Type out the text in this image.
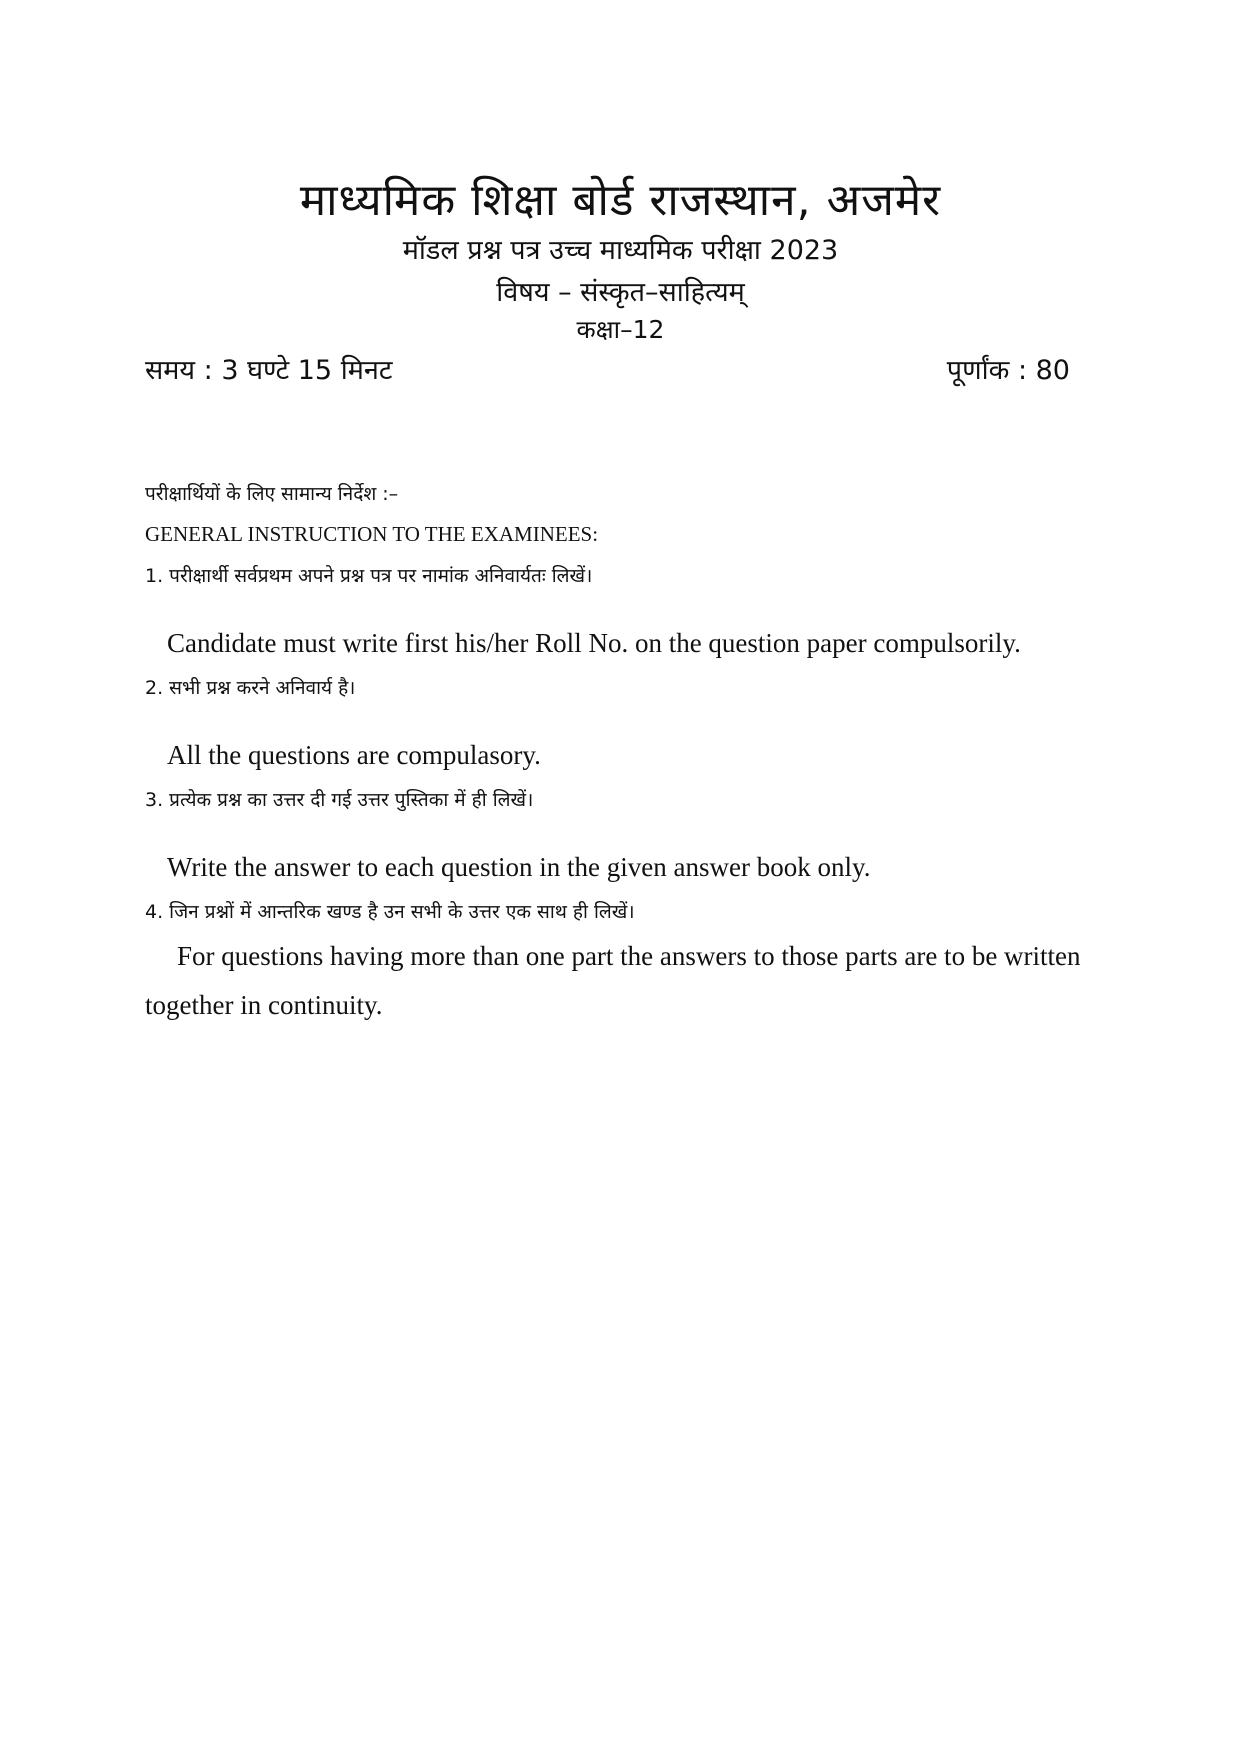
माध्यमिक शिक्षा बोर्ड राजस्थान, अजमेर
मॉडल प्रश्न पत्र उच्च माध्यमिक परीक्षा 2023
विषय – संस्कृत–साहित्यम्
कक्षा–12
समय : 3 घण्टे 15 मिनट	पूर्णांक : 80

परीक्षार्थियों के लिए सामान्य निर्देश :–

GENERAL INSTRUCTION TO THE EXAMINEES:

1. परीक्षार्थी सर्वप्रथम अपने प्रश्न पत्र पर नामांक अनिवार्यतः लिखें।

Candidate must write first his/her Roll No. on the question paper compulsorily.

2. सभी प्रश्न करने अनिवार्य है।

All the questions are compulasory.

3. प्रत्येक प्रश्न का उत्तर दी गई उत्तर पुस्तिका में ही लिखें।

Write the answer to each question in the given answer book only.

4. जिन प्रश्नों में आन्तरिक खण्ड है उन सभी के उत्तर एक साथ ही लिखें।

For questions having more than one part the answers to those parts are to be written together in continuity.
